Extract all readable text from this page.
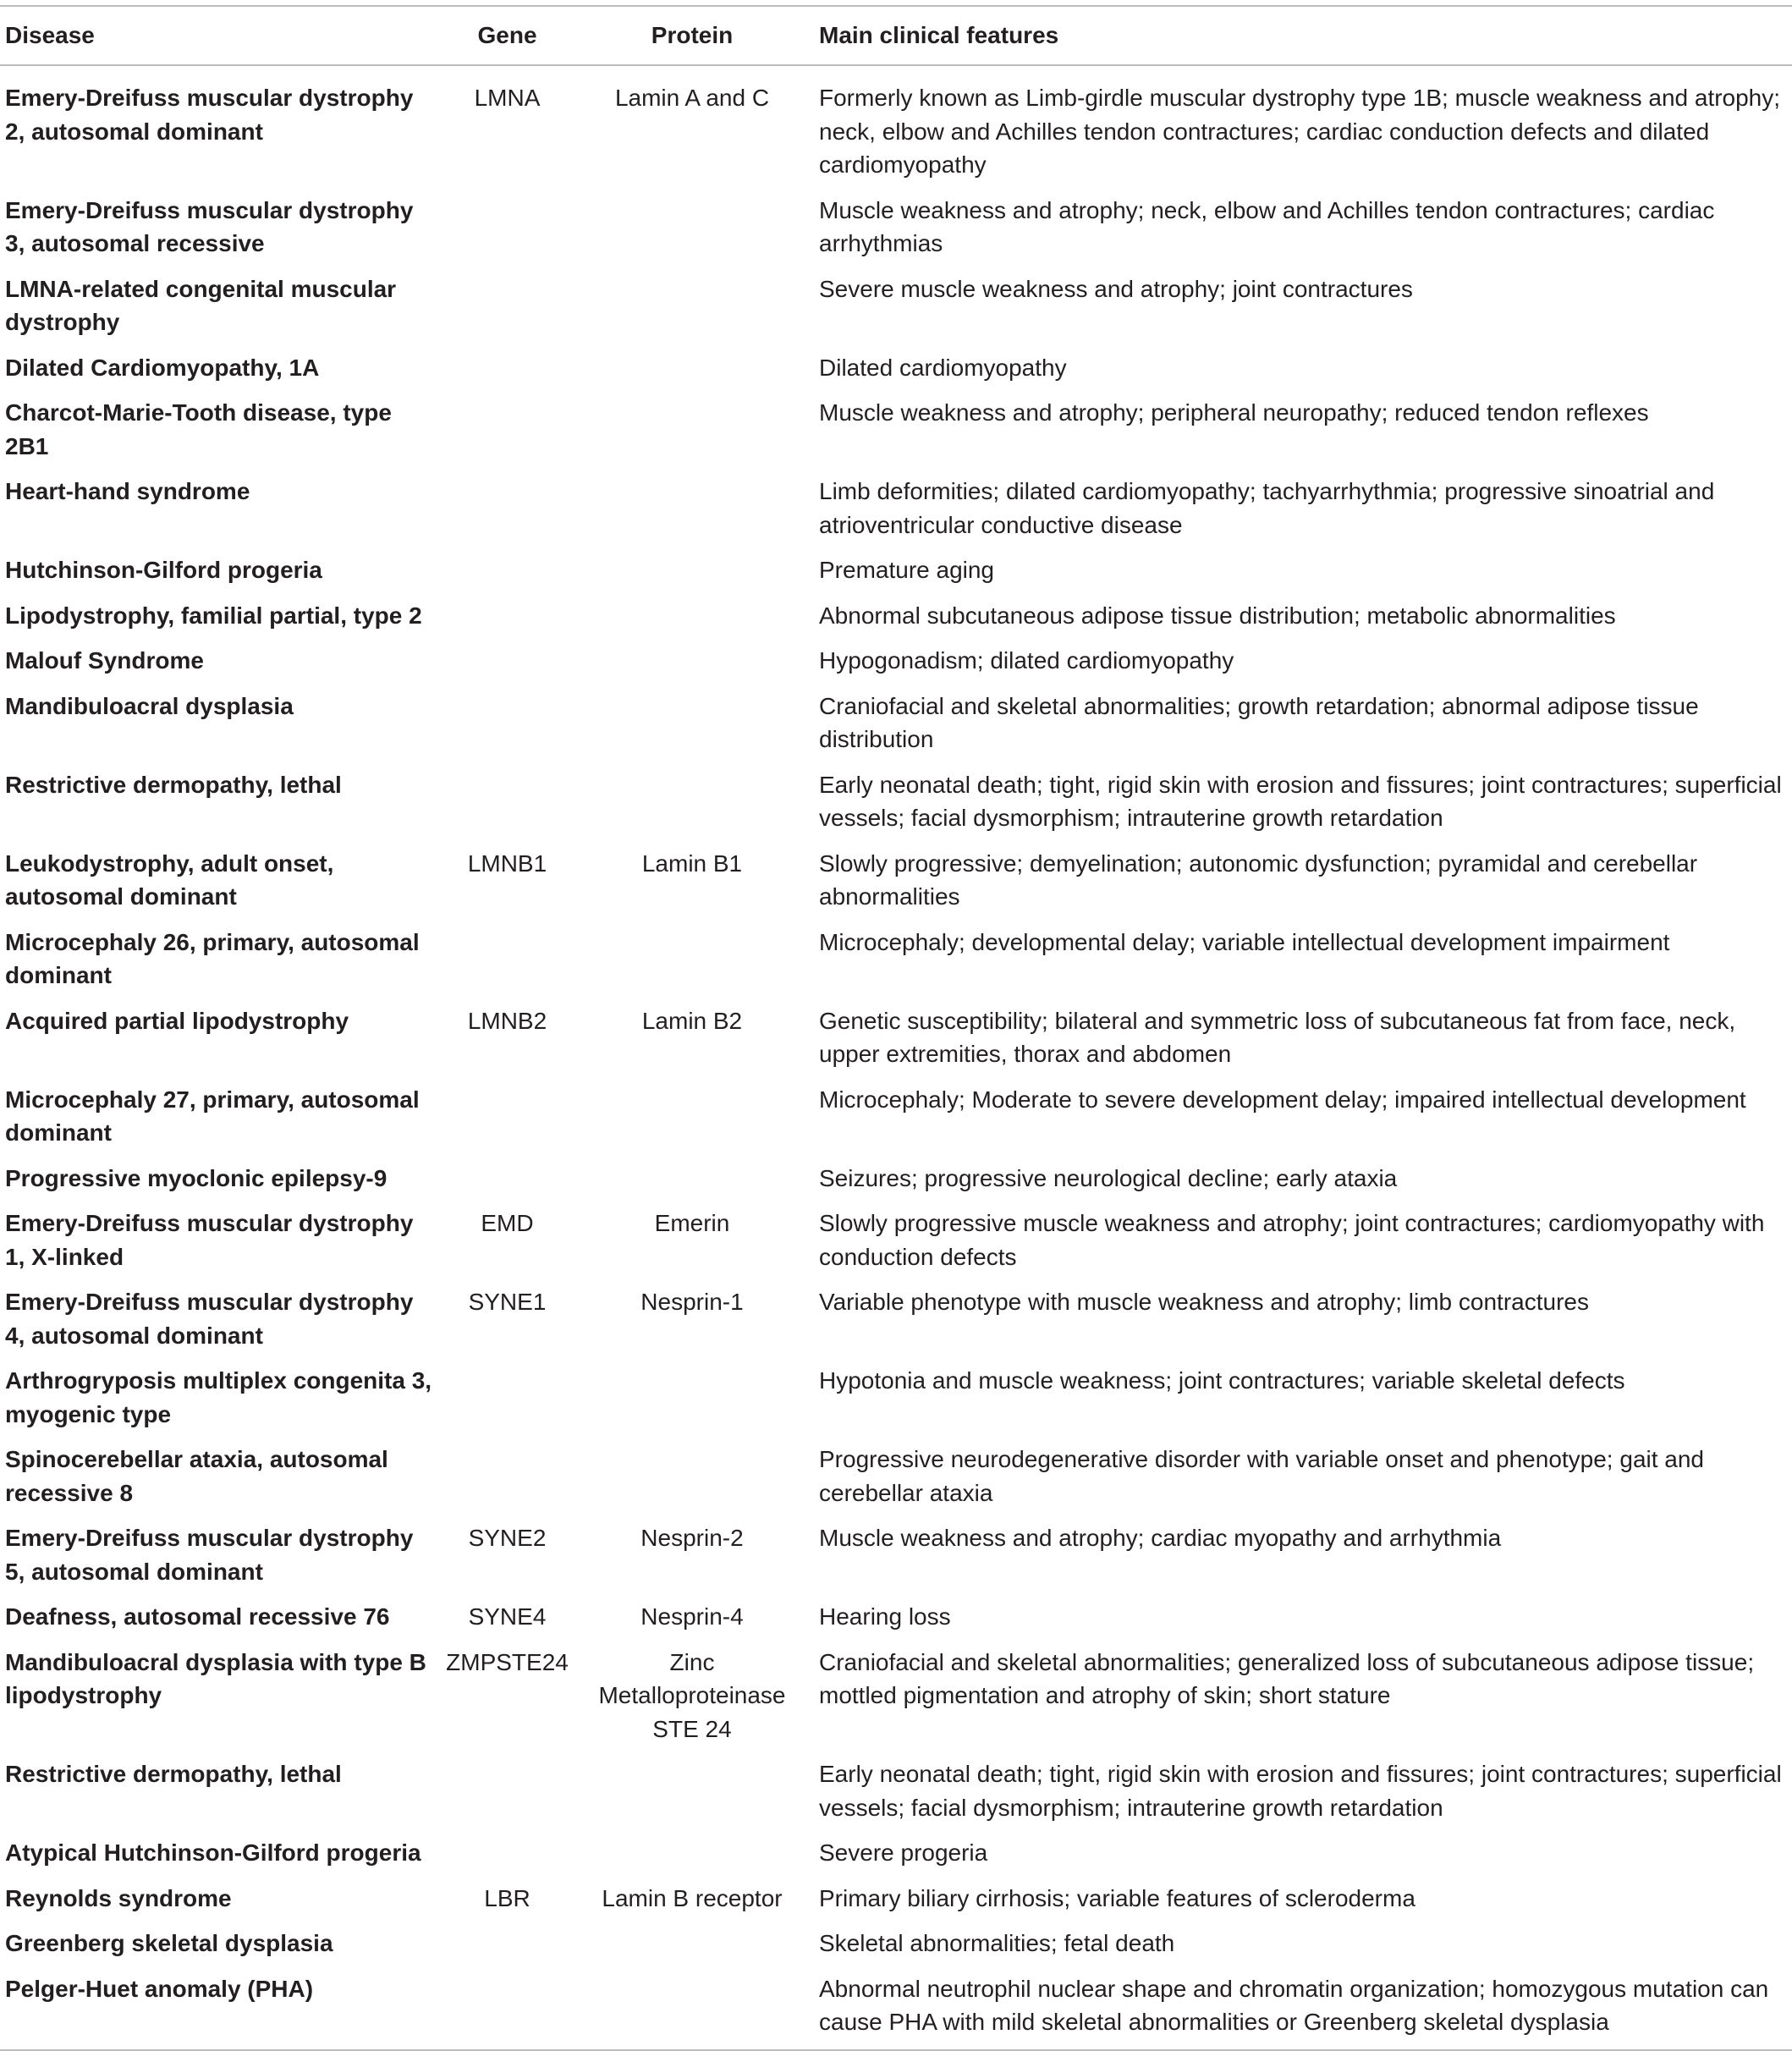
Disease	Gene	Protein	Main clinical features
Emery-Dreifuss muscular dystrophy 2, autosomal dominant	LMNA	Lamin A and C	Formerly known as Limb-girdle muscular dystrophy type 1B; muscle weakness and atrophy; neck, elbow and Achilles tendon contractures; cardiac conduction defects and dilated cardiomyopathy
Emery-Dreifuss muscular dystrophy 3, autosomal recessive			Muscle weakness and atrophy; neck, elbow and Achilles tendon contractures; cardiac arrhythmias
LMNA-related congenital muscular dystrophy			Severe muscle weakness and atrophy; joint contractures
Dilated Cardiomyopathy, 1A			Dilated cardiomyopathy
Charcot-Marie-Tooth disease, type 2B1			Muscle weakness and atrophy; peripheral neuropathy; reduced tendon reflexes
Heart-hand syndrome			Limb deformities; dilated cardiomyopathy; tachyarrhythmia; progressive sinoatrial and atrioventricular conductive disease
Hutchinson-Gilford progeria			Premature aging
Lipodystrophy, familial partial, type 2			Abnormal subcutaneous adipose tissue distribution; metabolic abnormalities
Malouf Syndrome			Hypogonadism; dilated cardiomyopathy
Mandibuloacral dysplasia			Craniofacial and skeletal abnormalities; growth retardation; abnormal adipose tissue distribution
Restrictive dermopathy, lethal			Early neonatal death; tight, rigid skin with erosion and fissures; joint contractures; superficial vessels; facial dysmorphism; intrauterine growth retardation
Leukodystrophy, adult onset, autosomal dominant	LMNB1	Lamin B1	Slowly progressive; demyelination; autonomic dysfunction; pyramidal and cerebellar abnormalities
Microcephaly 26, primary, autosomal dominant			Microcephaly; developmental delay; variable intellectual development impairment
Acquired partial lipodystrophy	LMNB2	Lamin B2	Genetic susceptibility; bilateral and symmetric loss of subcutaneous fat from face, neck, upper extremities, thorax and abdomen
Microcephaly 27, primary, autosomal dominant			Microcephaly; Moderate to severe development delay; impaired intellectual development
Progressive myoclonic epilepsy-9			Seizures; progressive neurological decline; early ataxia
Emery-Dreifuss muscular dystrophy 1, X-linked	EMD	Emerin	Slowly progressive muscle weakness and atrophy; joint contractures; cardiomyopathy with conduction defects
Emery-Dreifuss muscular dystrophy 4, autosomal dominant	SYNE1	Nesprin-1	Variable phenotype with muscle weakness and atrophy; limb contractures
Arthrogryposis multiplex congenita 3, myogenic type			Hypotonia and muscle weakness; joint contractures; variable skeletal defects
Spinocerebellar ataxia, autosomal recessive 8			Progressive neurodegenerative disorder with variable onset and phenotype; gait and cerebellar ataxia
Emery-Dreifuss muscular dystrophy 5, autosomal dominant	SYNE2	Nesprin-2	Muscle weakness and atrophy; cardiac myopathy and arrhythmia
Deafness, autosomal recessive 76	SYNE4	Nesprin-4	Hearing loss
Mandibuloacral dysplasia with type B lipodystrophy	ZMPSTE24	Zinc Metalloproteinase STE 24	Craniofacial and skeletal abnormalities; generalized loss of subcutaneous adipose tissue; mottled pigmentation and atrophy of skin; short stature
Restrictive dermopathy, lethal			Early neonatal death; tight, rigid skin with erosion and fissures; joint contractures; superficial vessels; facial dysmorphism; intrauterine growth retardation
Atypical Hutchinson-Gilford progeria			Severe progeria
Reynolds syndrome	LBR	Lamin B receptor	Primary biliary cirrhosis; variable features of scleroderma
Greenberg skeletal dysplasia			Skeletal abnormalities; fetal death
Pelger-Huet anomaly (PHA)			Abnormal neutrophil nuclear shape and chromatin organization; homozygous mutation can cause PHA with mild skeletal abnormalities or Greenberg skeletal dysplasia
